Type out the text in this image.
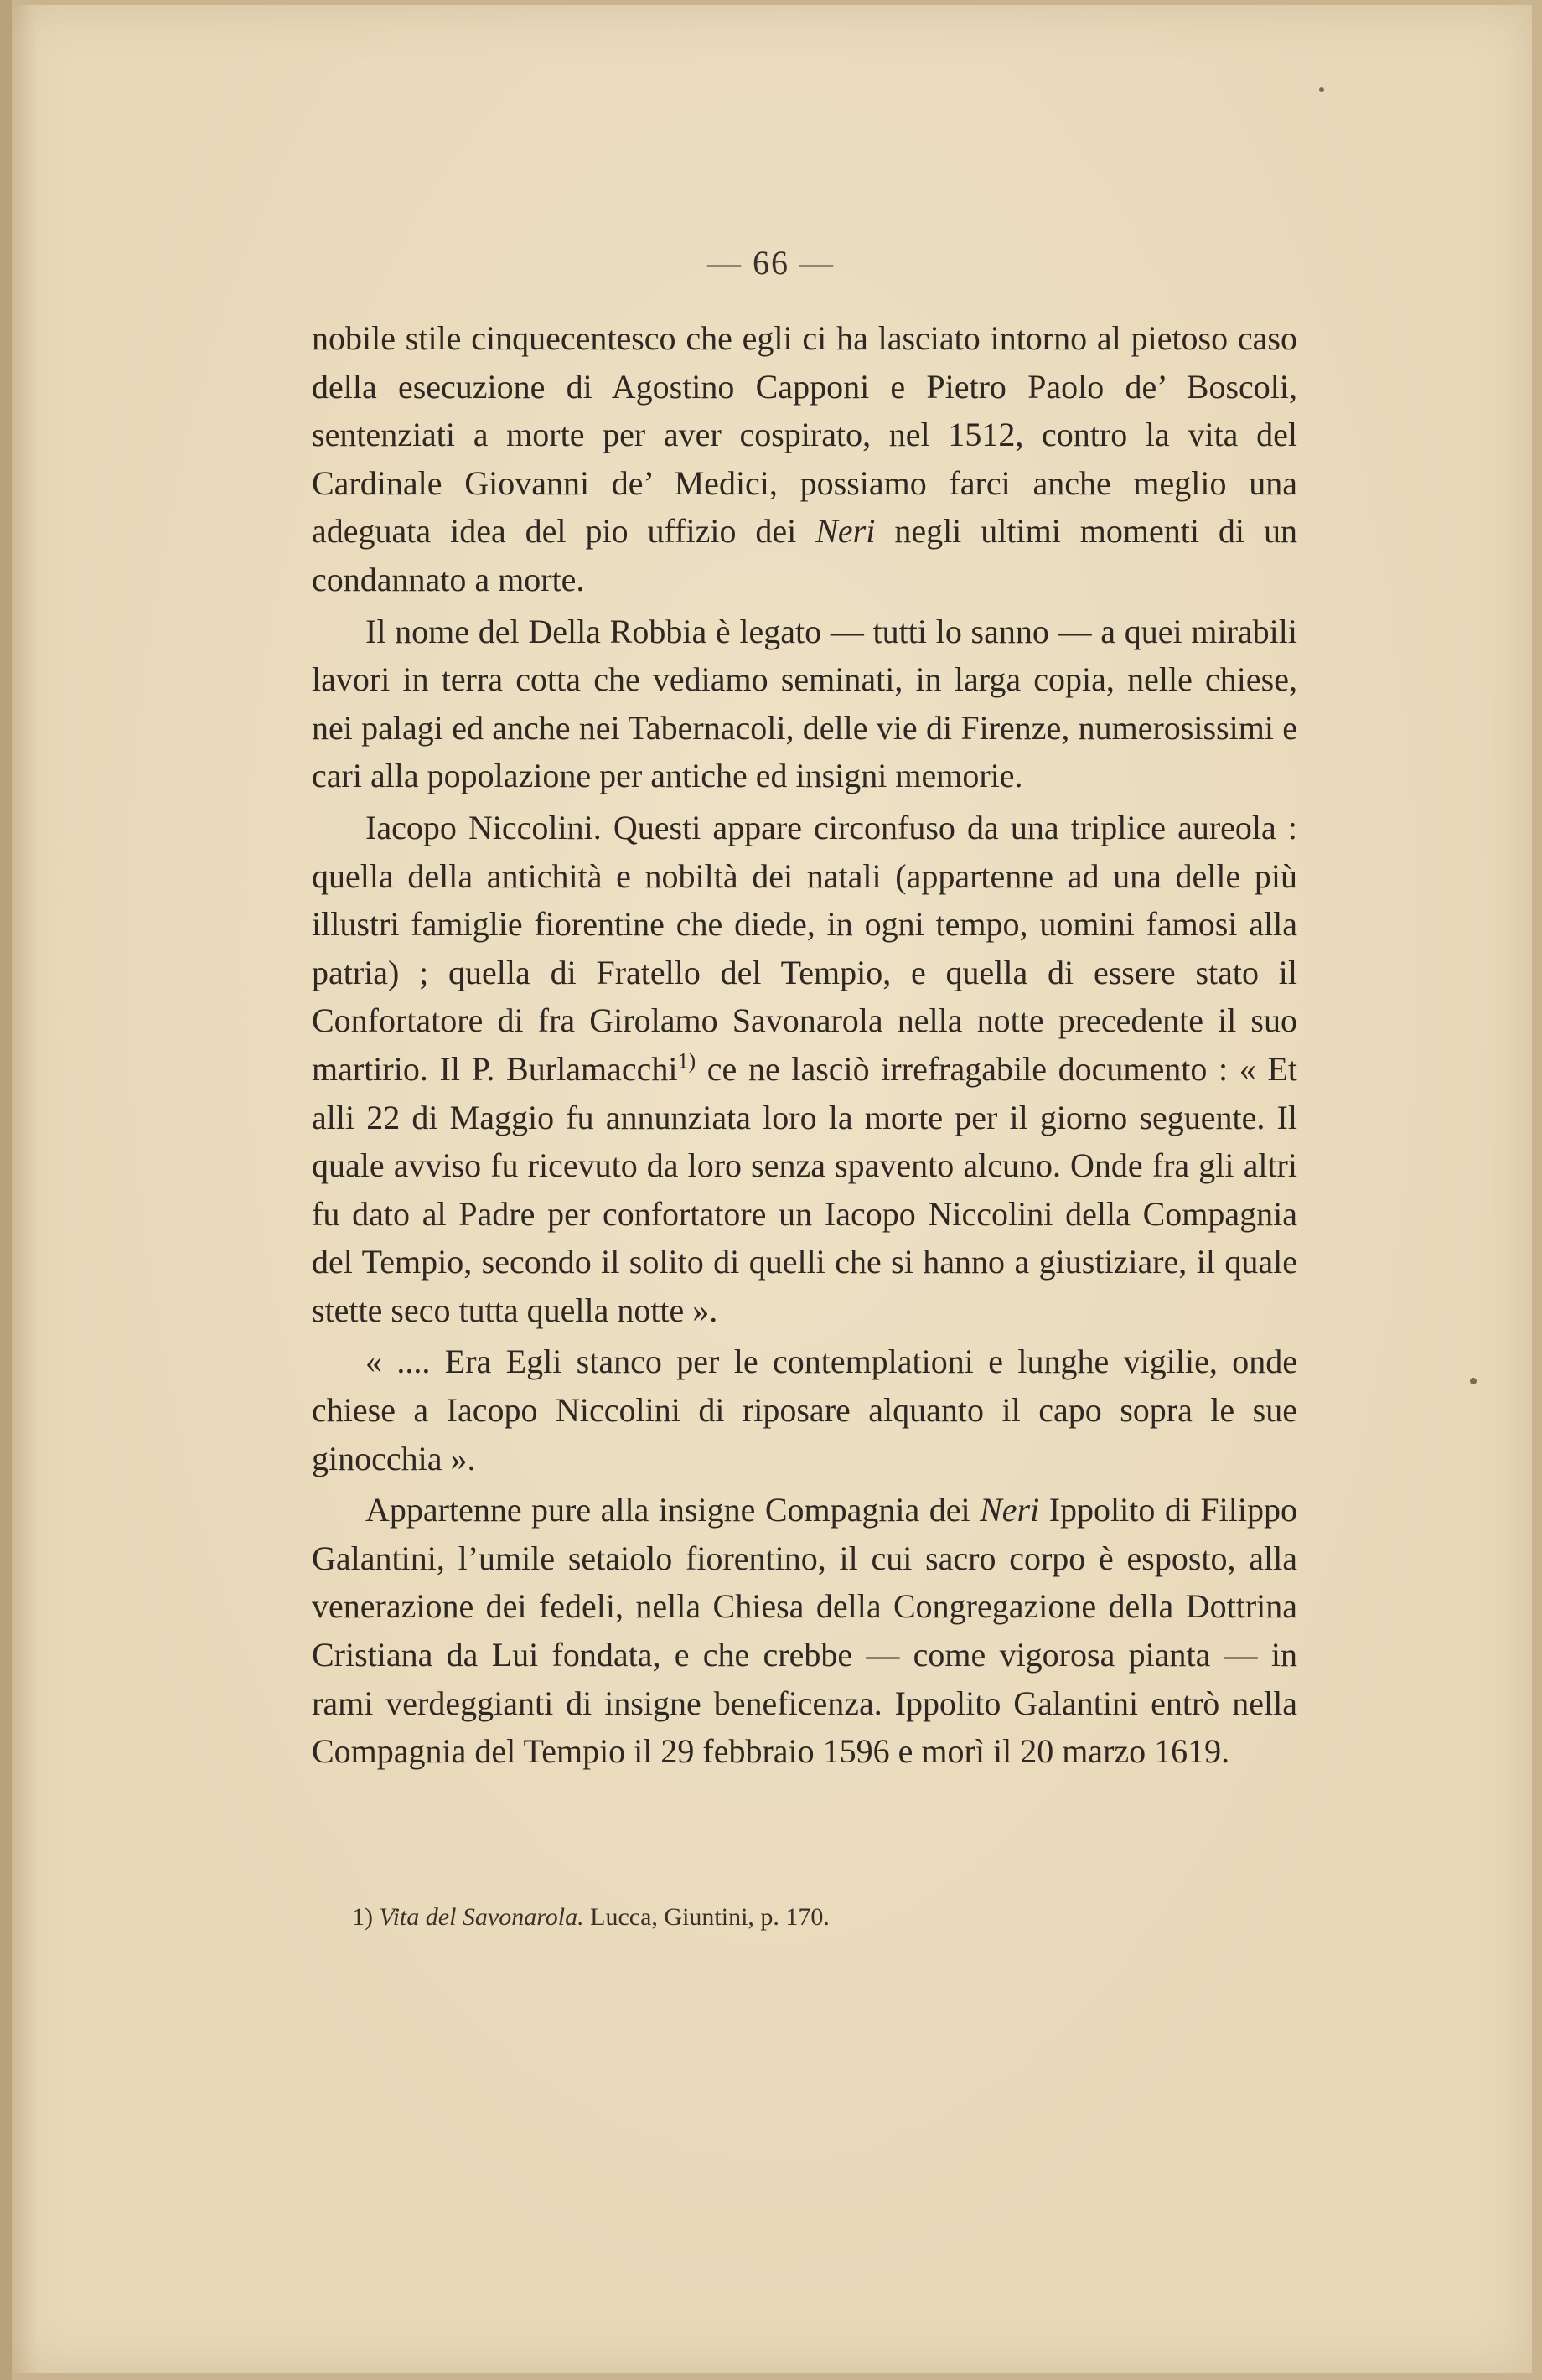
— 66 —

nobile stile cinquecentesco che egli ci ha lasciato intorno al pietoso caso della esecuzione di Agostino Capponi e Pietro Paolo de’ Boscoli, sentenziati a morte per aver cospirato, nel 1512, contro la vita del Cardinale Giovanni de’ Medici, possiamo farci anche meglio una adeguata idea del pio uffizio dei Neri negli ultimi momenti di un condannato a morte.

Il nome del Della Robbia è legato — tutti lo sanno — a quei mirabili lavori in terra cotta che vediamo seminati, in larga copia, nelle chiese, nei palagi ed anche nei Tabernacoli, delle vie di Firenze, numerosissimi e cari alla popolazione per antiche ed insigni memorie.

Iacopo Niccolini. Questi appare circonfuso da una triplice aureola : quella della antichità e nobiltà dei natali (appartenne ad una delle più illustri famiglie fiorentine che diede, in ogni tempo, uomini famosi alla patria) ; quella di Fratello del Tempio, e quella di essere stato il Confortatore di fra Girolamo Savonarola nella notte precedente il suo martirio. Il P. Burlamacchi$^{1)}$ ce ne lasciò irrefragabile documento : « Et alli 22 di Maggio fu annunziata loro la morte per il giorno seguente. Il quale avviso fu ricevuto da loro senza spavento alcuno. Onde fra gli altri fu dato al Padre per confortatore un Iacopo Niccolini della Compagnia del Tempio, secondo il solito di quelli che si hanno a giustiziare, il quale stette seco tutta quella notte ».

« .... Era Egli stanco per le contemplationi e lunghe vigilie, onde chiese a Iacopo Niccolini di riposare alquanto il capo sopra le sue ginocchia ».

Appartenne pure alla insigne Compagnia dei Neri Ippolito di Filippo Galantini, l’umile setaiolo fiorentino, il cui sacro corpo è esposto, alla venerazione dei fedeli, nella Chiesa della Congregazione della Dottrina Cristiana da Lui fondata, e che crebbe — come vigorosa pianta — in rami verdeggianti di insigne beneficenza. Ippolito Galantini entrò nella Compagnia del Tempio il 29 febbraio 1596 e morì il 20 marzo 1619.

1) Vita del Savonarola. Lucca, Giuntini, p. 170.
